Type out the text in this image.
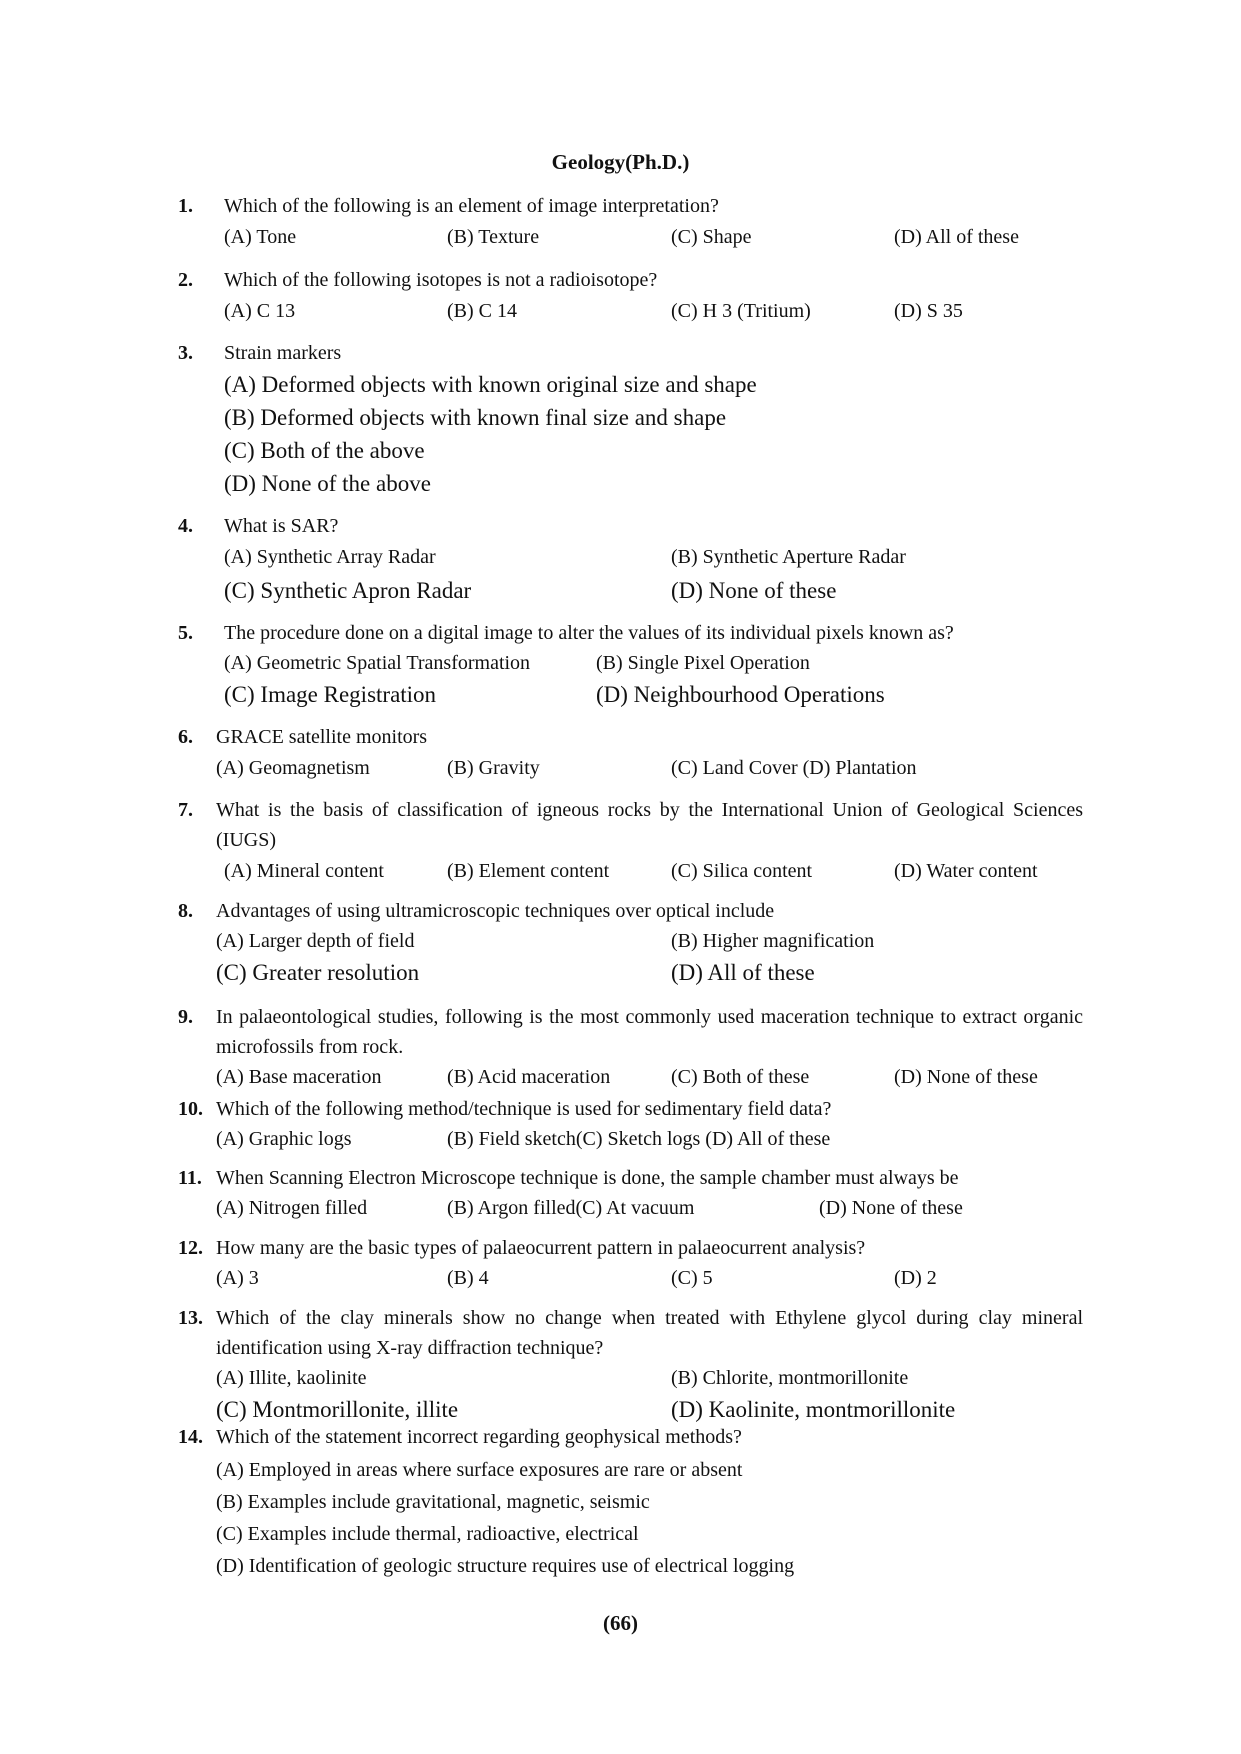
Geology(Ph.D.)
1. Which of the following is an element of image interpretation?
(A) Tone	(B) Texture	(C) Shape	(D) All of these
2. Which of the following isotopes is not a radioisotope?
(A) C 13	(B) C 14	(C) H 3 (Tritium)	(D) S 35
3. Strain markers
(A) Deformed objects with known original size and shape
(B) Deformed objects with known final size and shape
(C) Both of the above
(D) None of the above
4. What is SAR?
(A) Synthetic Array Radar	(B) Synthetic Aperture Radar
(C) Synthetic Apron Radar	(D) None of these
5. The procedure done on a digital image to alter the values of its individual pixels known as?
(A) Geometric Spatial Transformation	(B) Single Pixel Operation
(C) Image Registration	(D) Neighbourhood Operations
6. GRACE satellite monitors
(A) Geomagnetism	(B) Gravity	(C) Land Cover (D) Plantation
7. What is the basis of classification of igneous rocks by the International Union of Geological Sciences (IUGS)
(A) Mineral content	(B) Element content	(C) Silica content	(D) Water content
8. Advantages of using ultramicroscopic techniques over optical include
(A) Larger depth of field	(B) Higher magnification
(C) Greater resolution	(D) All of these
9. In palaeontological studies, following is the most commonly used maceration technique to extract organic microfossils from rock.
(A) Base maceration	(B) Acid maceration	(C) Both of these	(D) None of these
10. Which of the following method/technique is used for sedimentary field data?
(A) Graphic logs	(B) Field sketch(C) Sketch logs (D) All of these
11. When Scanning Electron Microscope technique is done, the sample chamber must always be
(A) Nitrogen filled	(B) Argon filled(C) At vacuum	(D) None of these
12. How many are the basic types of palaeocurrent pattern in palaeocurrent analysis?
(A) 3	(B) 4	(C) 5	(D) 2
13. Which of the clay minerals show no change when treated with Ethylene glycol during clay mineral identification using X-ray diffraction technique?
(A) Illite, kaolinite	(B) Chlorite, montmorillonite
(C) Montmorillonite, illite	(D) Kaolinite, montmorillonite
14. Which of the statement incorrect regarding geophysical methods?
(A) Employed in areas where surface exposures are rare or absent
(B) Examples include gravitational, magnetic, seismic
(C) Examples include thermal, radioactive, electrical
(D) Identification of geologic structure requires use of electrical logging
(66)
